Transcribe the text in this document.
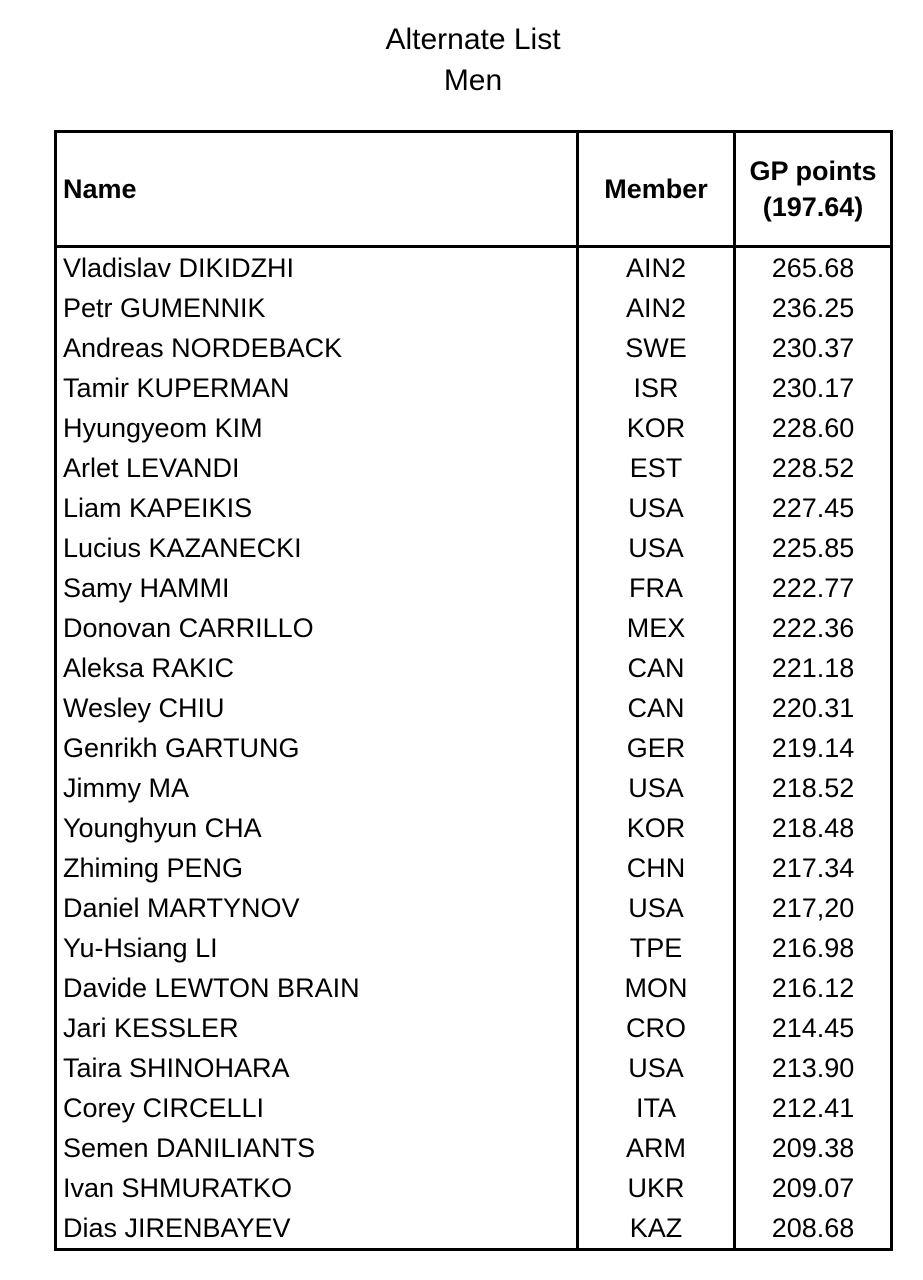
Alternate List
Men
Name	Member	GP points
(197.64)

Vladislav DIKIDZHI	AIN2	265.68
Petr GUMENNIK	AIN2	236.25
Andreas NORDEBACK	SWE	230.37
Tamir KUPERMAN	ISR	230.17
Hyungyeom KIM	KOR	228.60
Arlet LEVANDI	EST	228.52
Liam KAPEIKIS	USA	227.45
Lucius KAZANECKI	USA	225.85
Samy HAMMI	FRA	222.77
Donovan CARRILLO	MEX	222.36
Aleksa RAKIC	CAN	221.18
Wesley CHIU	CAN	220.31
Genrikh GARTUNG	GER	219.14
Jimmy MA	USA	218.52
Younghyun CHA	KOR	218.48
Zhiming PENG	CHN	217.34
Daniel MARTYNOV	USA	217,20
Yu-Hsiang LI	TPE	216.98
Davide LEWTON BRAIN	MON	216.12
Jari KESSLER	CRO	214.45
Taira SHINOHARA	USA	213.90
Corey CIRCELLI	ITA	212.41
Semen DANILIANTS	ARM	209.38
Ivan SHMURATKO	UKR	209.07
Dias JIRENBAYEV	KAZ	208.68
